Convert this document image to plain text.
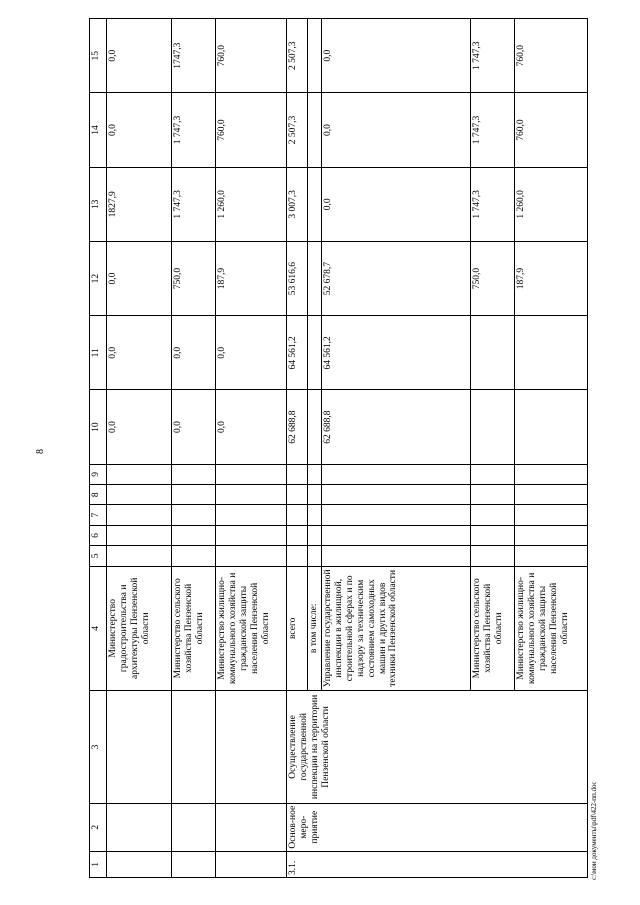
8
1	2	3	4	5	6	7	8	9	10	11	12	13	14	15
			Министерство градостроительства и архитектуры Пензенской области						0,0	0,0	0,0	1827,9	0,0	0,0
			Министерство сельского хозяйства Пензенской области						0,0	0,0	750,0	1 747,3	1 747,3	1747,3
			Министерство жилищно-коммунального хозяйства и гражданской защиты населения Пензенской области						0,0	0,0	187,9	1 260,0	760,0	760,0
3.1.	Основ-ное меро-приятие	Осуществление государственной инспекции на территории Пензенской области	всего						62 688,8	64 561,2	53 616,6	3 007,3	2 507,3	2 507,3
			в том числе:											
			Управление государственной инспекции в жилищной, строительной сферах и по надзору за техническим состоянием самоходных машин и других видов техники Пензенской области						62 688,8	64 561,2	52 678,7	0,0	0,0	0,0
			Министерство сельского хозяйства Пензенской области								750,0	1 747,3	1 747,3	1 747,3
			Министерство жилищно-коммунального хозяйства и гражданской защиты населения Пензенской области								187,9	1 260,0	760,0	760,0
c:\мои документы\pdf\422-пп.doc
